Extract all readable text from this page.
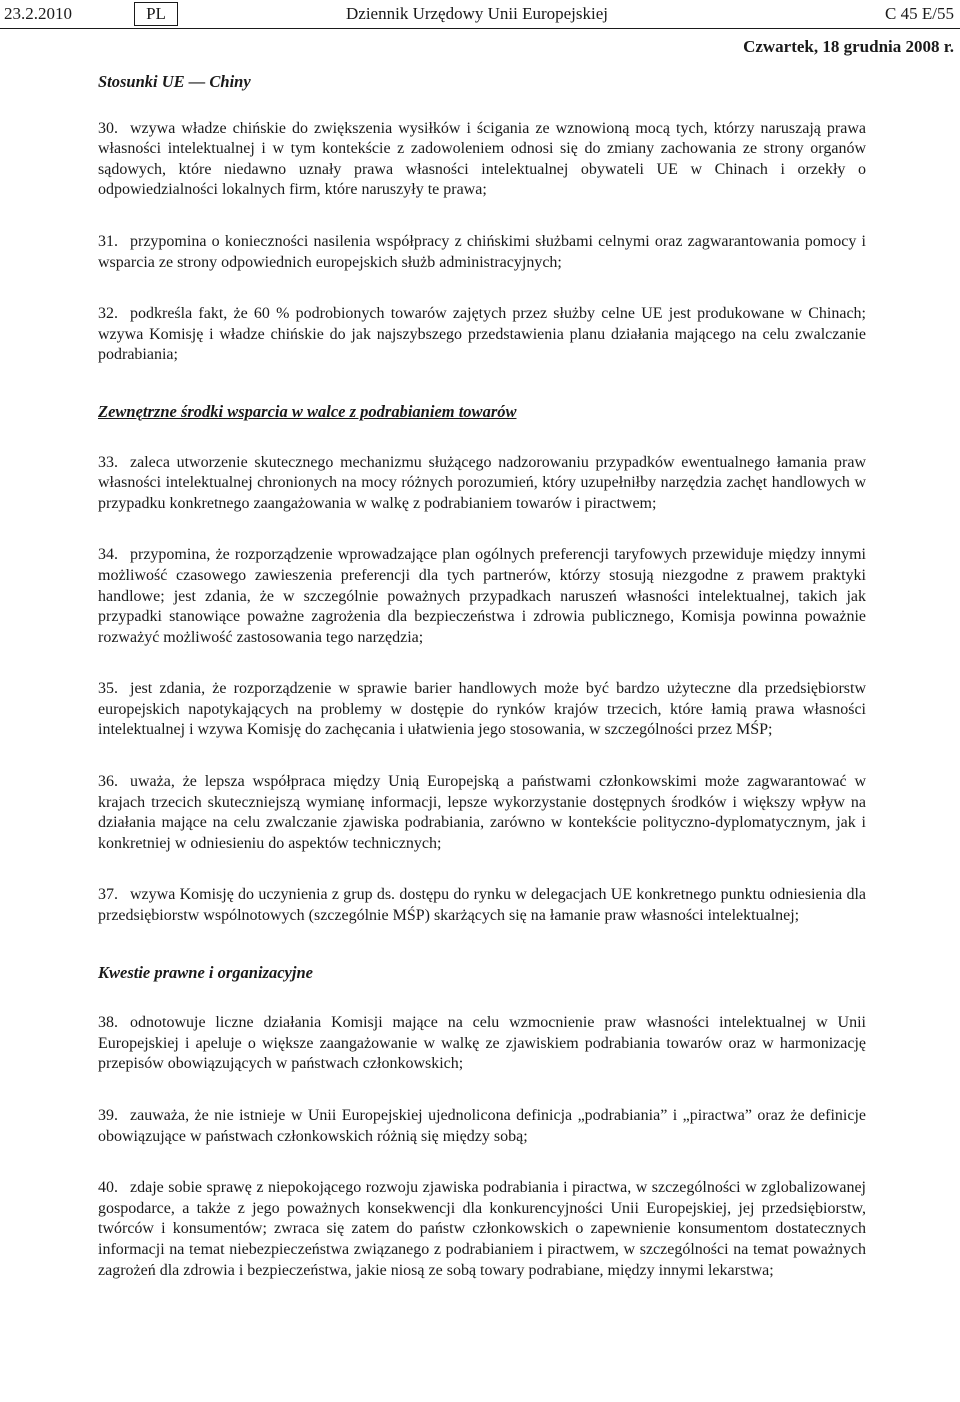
23.2.2010	PL	Dziennik Urzędowy Unii Europejskiej	C 45 E/55
Czwartek, 18 grudnia 2008 r.

Stosunki UE — Chiny

30. wzywa władze chińskie do zwiększenia wysiłków i ścigania ze wznowioną mocą tych, którzy naruszają prawa własności intelektualnej i w tym kontekście z zadowoleniem odnosi się do zmiany zachowania ze strony organów sądowych, które niedawno uznały prawa własności intelektualnej obywateli UE w Chinach i orzekły o odpowiedzialności lokalnych firm, które naruszyły te prawa;

31. przypomina o konieczności nasilenia współpracy z chińskimi służbami celnymi oraz zagwarantowania pomocy i wsparcia ze strony odpowiednich europejskich służb administracyjnych;

32. podkreśla fakt, że 60 % podrobionych towarów zajętych przez służby celne UE jest produkowane w Chinach; wzywa Komisję i władze chińskie do jak najszybszego przedstawienia planu działania mającego na celu zwalczanie podrabiania;

Zewnętrzne środki wsparcia w walce z podrabianiem towarów

33. zaleca utworzenie skutecznego mechanizmu służącego nadzorowaniu przypadków ewentualnego łamania praw własności intelektualnej chronionych na mocy różnych porozumień, który uzupełniłby narzędzia zachęt handlowych w przypadku konkretnego zaangażowania w walkę z podrabianiem towarów i piractwem;

34. przypomina, że rozporządzenie wprowadzające plan ogólnych preferencji taryfowych przewiduje między innymi możliwość czasowego zawieszenia preferencji dla tych partnerów, którzy stosują niezgodne z prawem praktyki handlowe; jest zdania, że w szczególnie poważnych przypadkach naruszeń własności intelektualnej, takich jak przypadki stanowiące poważne zagrożenia dla bezpieczeństwa i zdrowia publicznego, Komisja powinna poważnie rozważyć możliwość zastosowania tego narzędzia;

35. jest zdania, że rozporządzenie w sprawie barier handlowych może być bardzo użyteczne dla przedsiębiorstw europejskich napotykających na problemy w dostępie do rynków krajów trzecich, które łamią prawa własności intelektualnej i wzywa Komisję do zachęcania i ułatwienia jego stosowania, w szczególności przez MŚP;

36. uważa, że lepsza współpraca między Unią Europejską a państwami członkowskimi może zagwarantować w krajach trzecich skuteczniejszą wymianę informacji, lepsze wykorzystanie dostępnych środków i większy wpływ na działania mające na celu zwalczanie zjawiska podrabiania, zarówno w kontekście polityczno-dyplomatycznym, jak i konkretniej w odniesieniu do aspektów technicznych;

37. wzywa Komisję do uczynienia z grup ds. dostępu do rynku w delegacjach UE konkretnego punktu odniesienia dla przedsiębiorstw wspólnotowych (szczególnie MŚP) skarżących się na łamanie praw własności intelektualnej;

Kwestie prawne i organizacyjne

38. odnotowuje liczne działania Komisji mające na celu wzmocnienie praw własności intelektualnej w Unii Europejskiej i apeluje o większe zaangażowanie w walkę ze zjawiskiem podrabiania towarów oraz w harmonizację przepisów obowiązujących w państwach członkowskich;

39. zauważa, że nie istnieje w Unii Europejskiej ujednolicona definicja „podrabiania” i „piractwa” oraz że definicje obowiązujące w państwach członkowskich różnią się między sobą;

40. zdaje sobie sprawę z niepokojącego rozwoju zjawiska podrabiania i piractwa, w szczególności w zglobalizowanej gospodarce, a także z jego poważnych konsekwencji dla konkurencyjności Unii Europejskiej, jej przedsiębiorstw, twórców i konsumentów; zwraca się zatem do państw członkowskich o zapewnienie konsumentom dostatecznych informacji na temat niebezpieczeństwa związanego z podrabianiem i piractwem, w szczególności na temat poważnych zagrożeń dla zdrowia i bezpieczeństwa, jakie niosą ze sobą towary podrabiane, między innymi lekarstwa;
